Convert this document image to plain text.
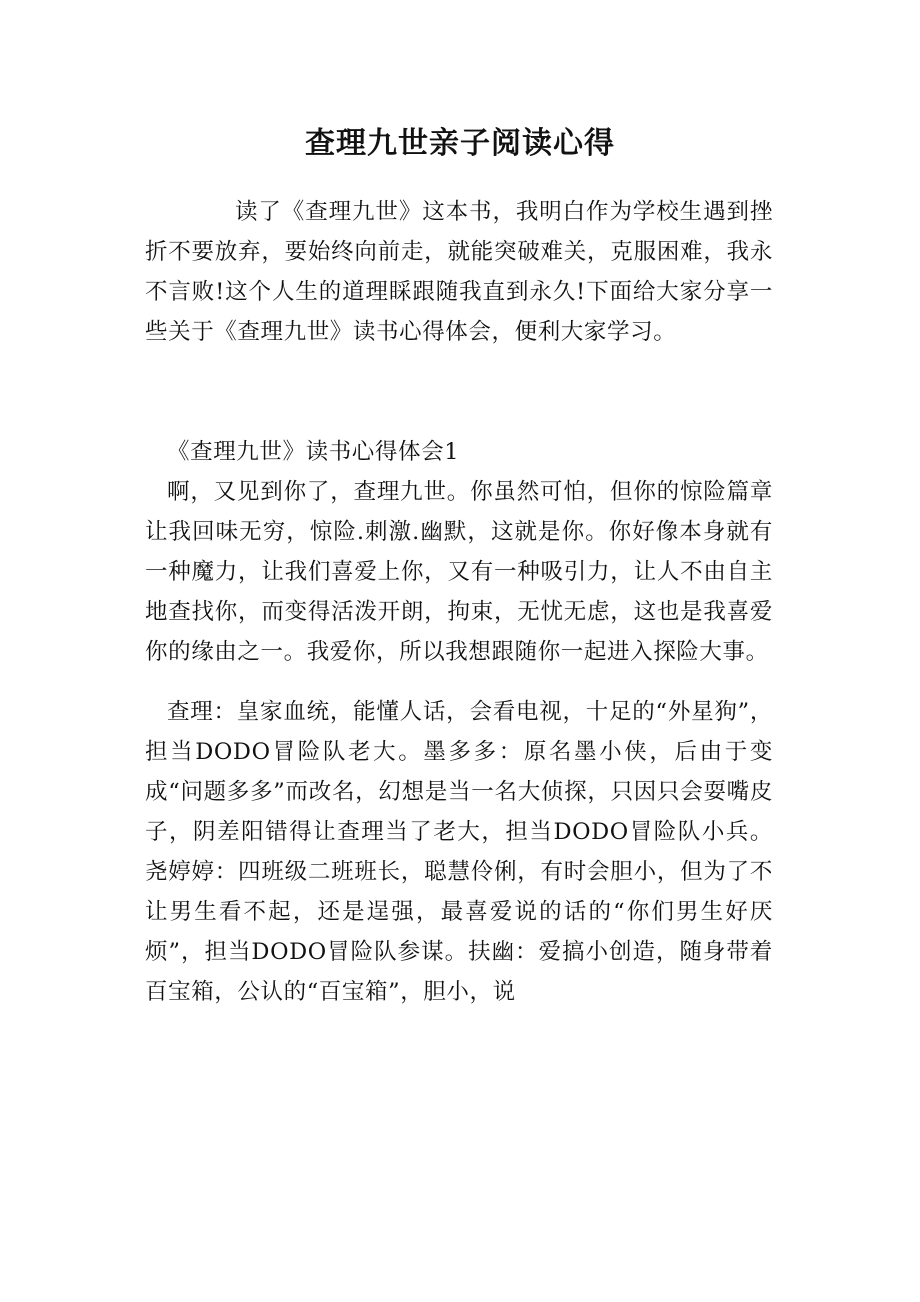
查理九世亲子阅读心得

读了《查理九世》这本书，我明白作为学校生遇到挫折不要放弃，要始终向前走，就能突破难关，克服困难，我永不言败!这个人生的道理睬跟随我直到永久!下面给大家分享一些关于《查理九世》读书心得体会，便利大家学习。

《查理九世》读书心得体会1

啊，又见到你了，查理九世。你虽然可怕，但你的惊险篇章让我回味无穷，惊险.刺激.幽默，这就是你。你好像本身就有一种魔力，让我们喜爱上你，又有一种吸引力，让人不由自主地查找你，而变得活泼开朗，拘束，无忧无虑，这也是我喜爱你的缘由之一。我爱你，所以我想跟随你一起进入探险大事。

查理：皇家血统，能懂人话，会看电视，十足的“外星狗”，担当DODO冒险队老大。墨多多：原名墨小侠，后由于变成“问题多多”而改名，幻想是当一名大侦探，只因只会耍嘴皮子，阴差阳错得让查理当了老大，担当DODO冒险队小兵。尧婷婷：四班级二班班长，聪慧伶俐，有时会胆小，但为了不让男生看不起，还是逞强，最喜爱说的话的“你们男生好厌烦”，担当DODO冒险队参谋。扶幽：爱搞小创造，随身带着百宝箱，公认的“百宝箱”，胆小，说
